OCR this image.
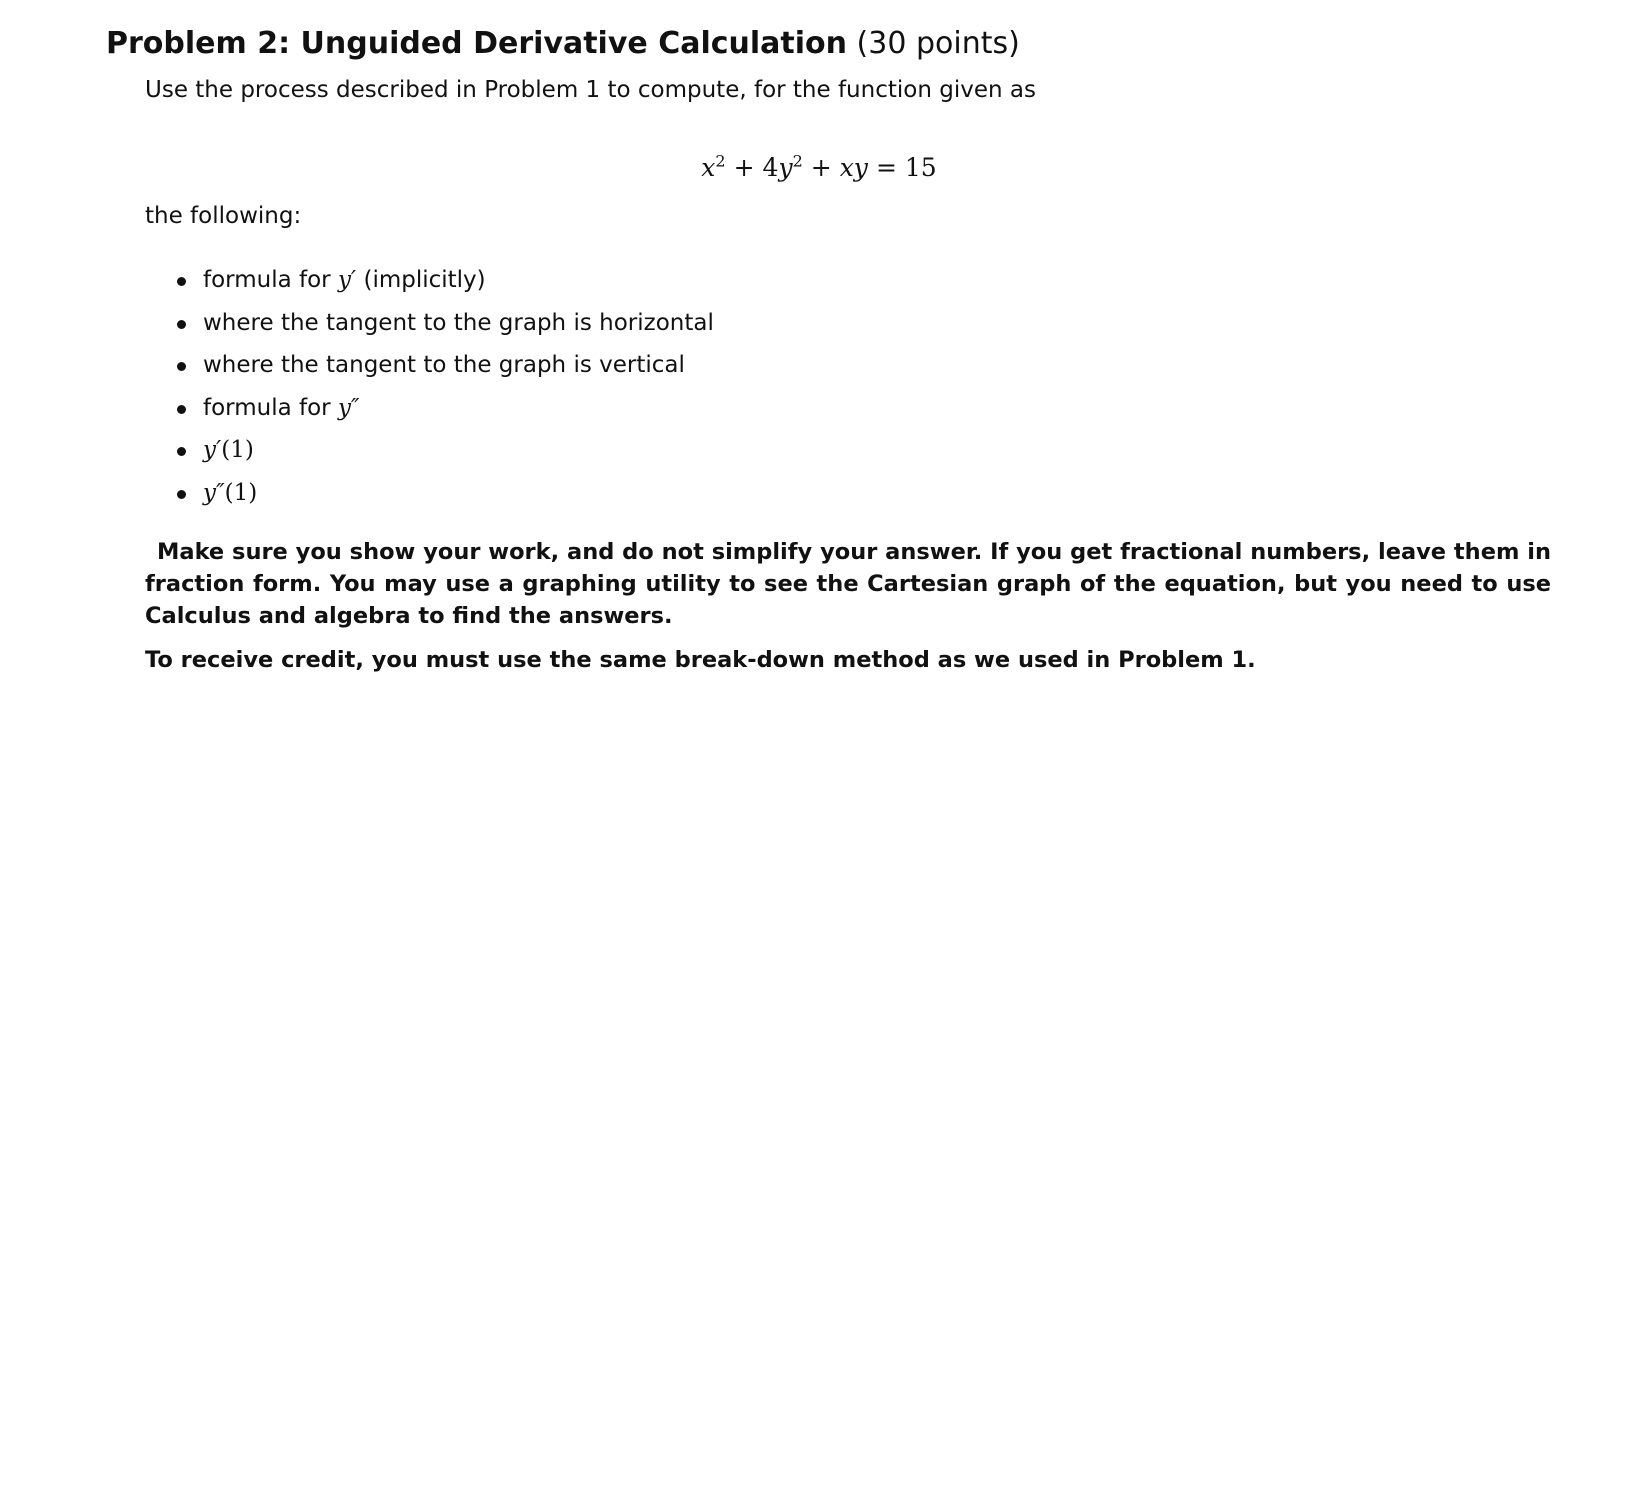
Problem 2: Unguided Derivative Calculation (30 points)
Use the process described in Problem 1 to compute, for the function given as
$x^2 + 4y^2$ + xy = 15
the following:
formula for y′ (implicitly)
where the tangent to the graph is horizontal
where the tangent to the graph is vertical
formula for y″
y′(1)
y″(1)
Make sure you show your work, and do not simplify your answer. If you get fractional numbers, leave them in fraction form. You may use a graphing utility to see the Cartesian graph of the equation, but you need to use Calculus and algebra to find the answers.
To receive credit, you must use the same break-down method as we used in Problem 1.
